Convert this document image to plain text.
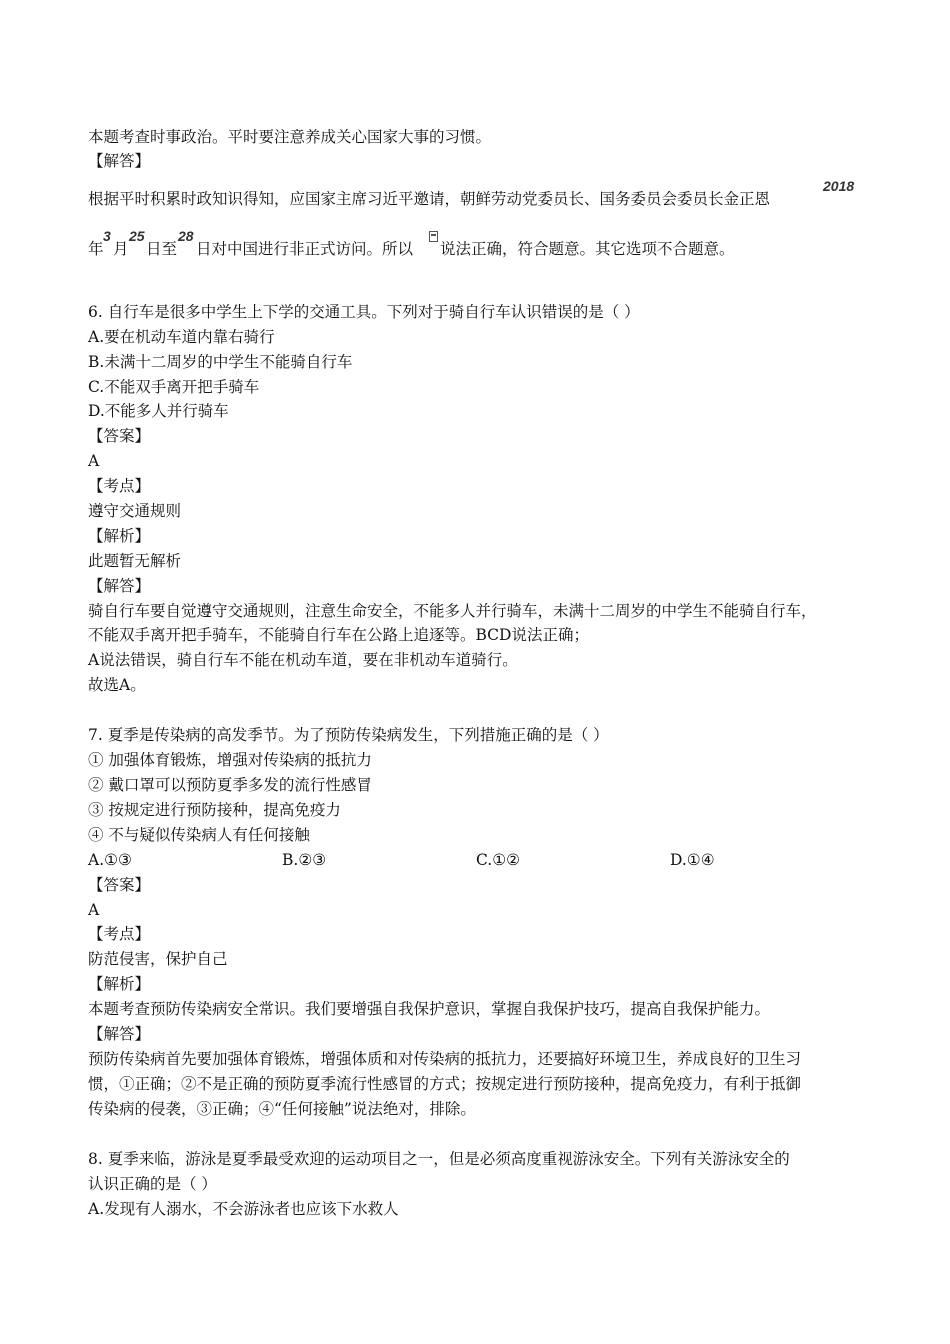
本题考查时事政治。平时要注意养成关心国家大事的习惯。
【解答】
根据平时积累时政知识得知，应国家主席习近平邀请，朝鲜劳动党委员长、国务委员会委员长金正恩
2018
年
3
月
25
日至
28
日对中国进行非正式访问。所以 说法正确，符合题意。其它选项不合题意。
6. 自行车是很多中学生上下学的交通工具。下列对于骑自行车认识错误的是（ ）
A.要在机动车道内靠右骑行
B.未满十二周岁的中学生不能骑自行车
C.不能双手离开把手骑车
D.不能多人并行骑车
【答案】
A
【考点】
遵守交通规则
【解析】
此题暂无解析
【解答】
骑自行车要自觉遵守交通规则，注意生命安全，不能多人并行骑车，未满十二周岁的中学生不能骑自行车，
不能双手离开把手骑车，不能骑自行车在公路上追逐等。BCD说法正确；
A说法错误，骑自行车不能在机动车道，要在非机动车道骑行。
故选A。
7. 夏季是传染病的高发季节。为了预防传染病发生，下列措施正确的是（ ）
① 加强体育锻炼，增强对传染病的抵抗力
② 戴口罩可以预防夏季多发的流行性感冒
③ 按规定进行预防接种，提高免疫力
④ 不与疑似传染病人有任何接触
A.①③	B.②③	C.①②	D.①④
【答案】
A
【考点】
防范侵害，保护自己
【解析】
本题考查预防传染病安全常识。我们要增强自我保护意识，掌握自我保护技巧，提高自我保护能力。
【解答】
预防传染病首先要加强体育锻炼，增强体质和对传染病的抵抗力，还要搞好环境卫生，养成良好的卫生习
惯，①正确；②不是正确的预防夏季流行性感冒的方式；按规定进行预防接种，提高免疫力，有利于抵御
传染病的侵袭，③正确；④“任何接触”说法绝对，排除。
8. 夏季来临，游泳是夏季最受欢迎的运动项目之一，但是必须高度重视游泳安全。下列有关游泳安全的
认识正确的是（ ）
A.发现有人溺水，不会游泳者也应该下水救人
